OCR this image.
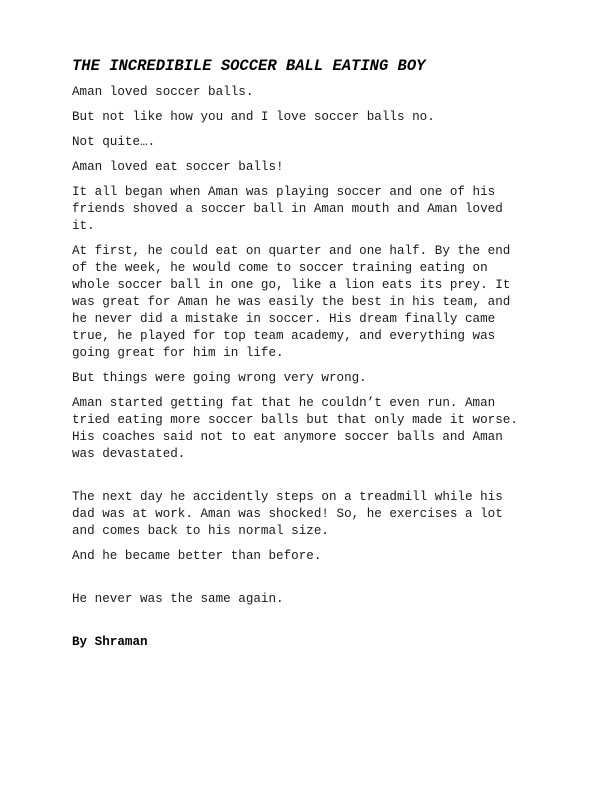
THE INCREDIBILE SOCCER BALL EATING BOY

Aman loved soccer balls.

But not like how you and I love soccer balls no.

Not quite….

Aman loved eat soccer balls!

It all began when Aman was playing soccer and one of his
friends shoved a soccer ball in Aman mouth and Aman loved
it.

At first, he could eat on quarter and one half. By the end
of the week, he would come to soccer training eating on
whole soccer ball in one go, like a lion eats its prey. It
was great for Aman he was easily the best in his team, and
he never did a mistake in soccer. His dream finally came
true, he played for top team academy, and everything was
going great for him in life.

But things were going wrong very wrong.

Aman started getting fat that he couldn’t even run. Aman
tried eating more soccer balls but that only made it worse.
His coaches said not to eat anymore soccer balls and Aman
was devastated.

The next day he accidently steps on a treadmill while his
dad was at work. Aman was shocked! So, he exercises a lot
and comes back to his normal size.

And he became better than before.

He never was the same again.

By Shraman
